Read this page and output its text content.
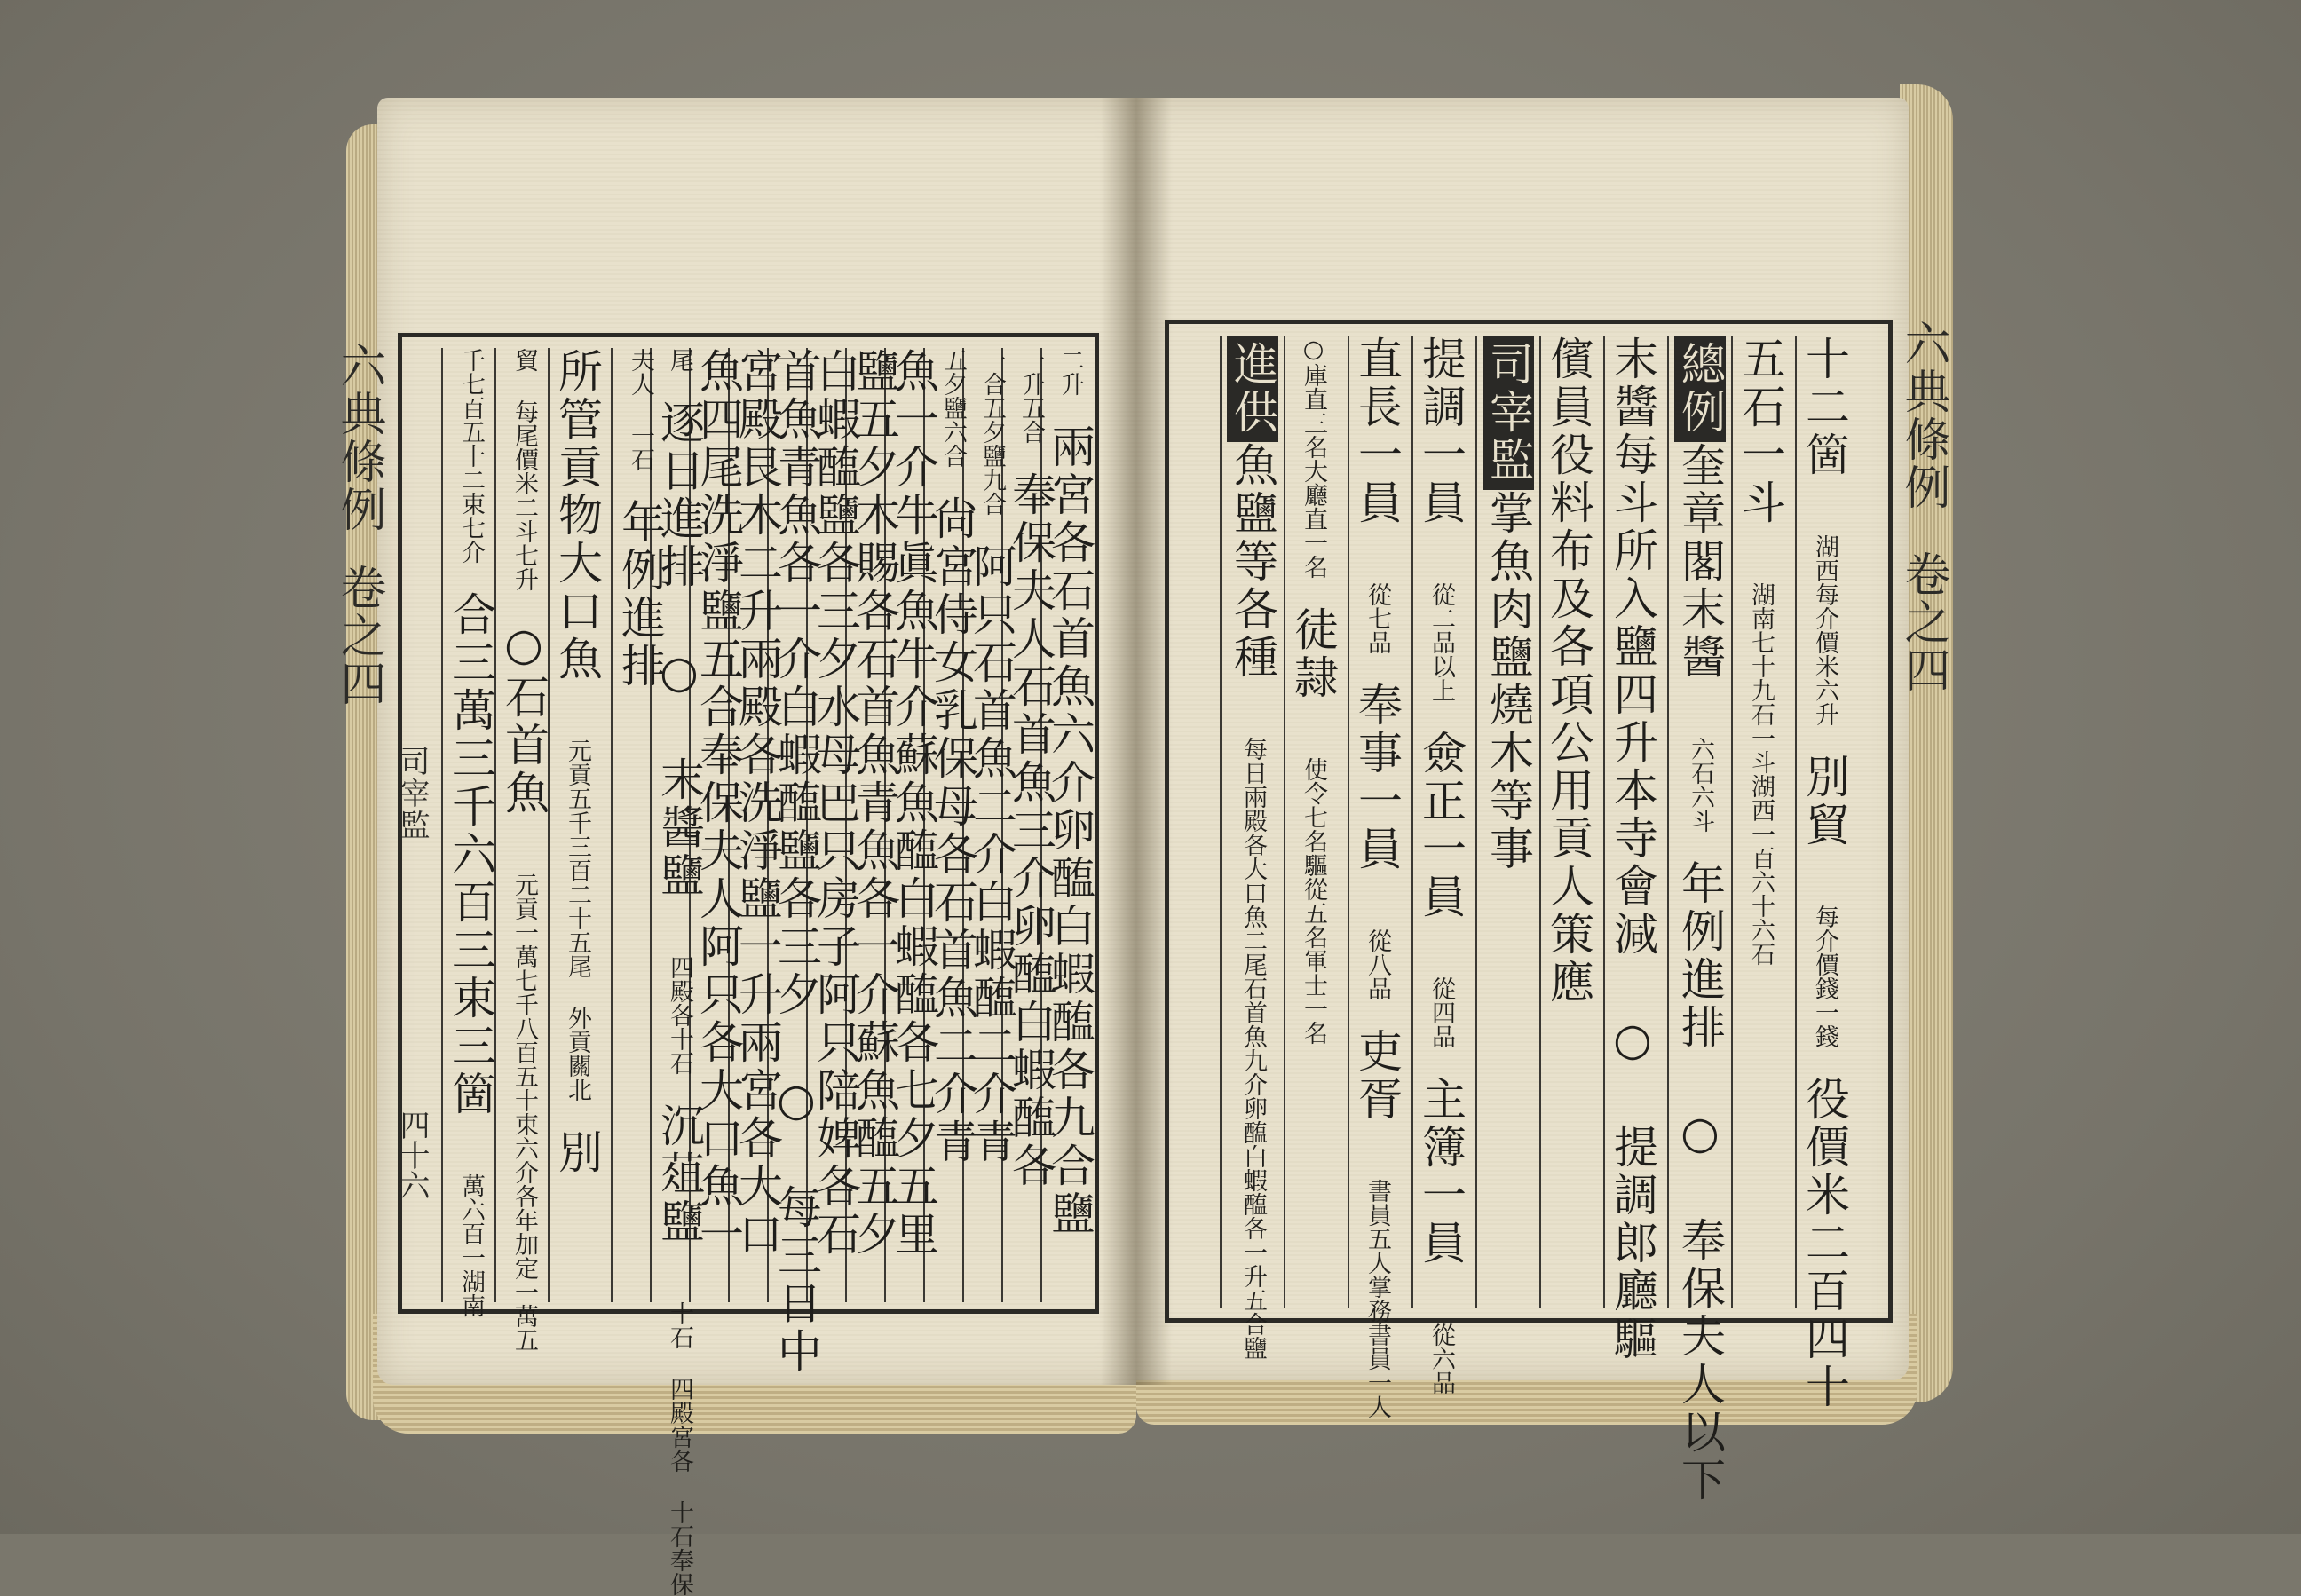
六典條例
卷之四
司宰監
四十六
六典條例
卷之四
二升 兩宮各石首魚六介卵醢白蝦醢各九合鹽
一升五合 奉保夫人石首魚三介卵醢白蝦醢各
一合五夕鹽九合 阿只石首魚二介白蝦醢二介青
五夕鹽六合 尙宮侍女乳保母各石首魚二介青
魚一介牛眞魚牛介蘇魚醢白蝦醢各七夕五里
鹽五夕木賜各石首魚青魚各一介蘇魚醢五夕
白蝦醢鹽各三夕水母巴只房子阿只陪婢各石
首魚青魚各一介白蝦醢鹽各三夕 ○ 每三日中
宮殿艮木二升兩殿各洗淨鹽一升兩宮各大口
魚四尾洗淨鹽五合奉保夫人阿只各大口魚一
尾 逐日進排 ○ 末醬鹽 四殿各十石 沉葅鹽 十石 四殿宮各 十石奉保
夫人 一石 年例進排
所管貢物大口魚 元貢五千三百二十五尾 外貢關北 別
貿 每尾價米二斗七升 ○石首魚 元貢一萬七千八百五十束六介各年加定一萬五
千七百五十二束七介 合三萬三千六百三束三箇 萬六百一湖南
十二箇 湖西每介價米六升 別貿 每介價錢一錢 役價米二百四十
五石一斗 湖南七十九石一斗湖西一百六十六石
總例奎章閣末醬 六石六斗 年例進排 ○ 奉保夫人以下
末醬每斗所入鹽四升本寺會減 ○ 提調郎廳驅
儐員役料布及各項公用貢人策應
司宰監掌魚肉鹽燒木等事
提調一員 從二品以上 僉正一員 從四品 主簿一員 從六品
直長一員 從七品 奉事一員 從八品 吏胥 書員五人掌務書員一人
○庫直三名大廳直一名 徒隷 使令七名驅從五名軍士一名
進供魚鹽等各種 每日兩殿各大口魚二尾石首魚九介卵醢白蝦醢各一升五合鹽
